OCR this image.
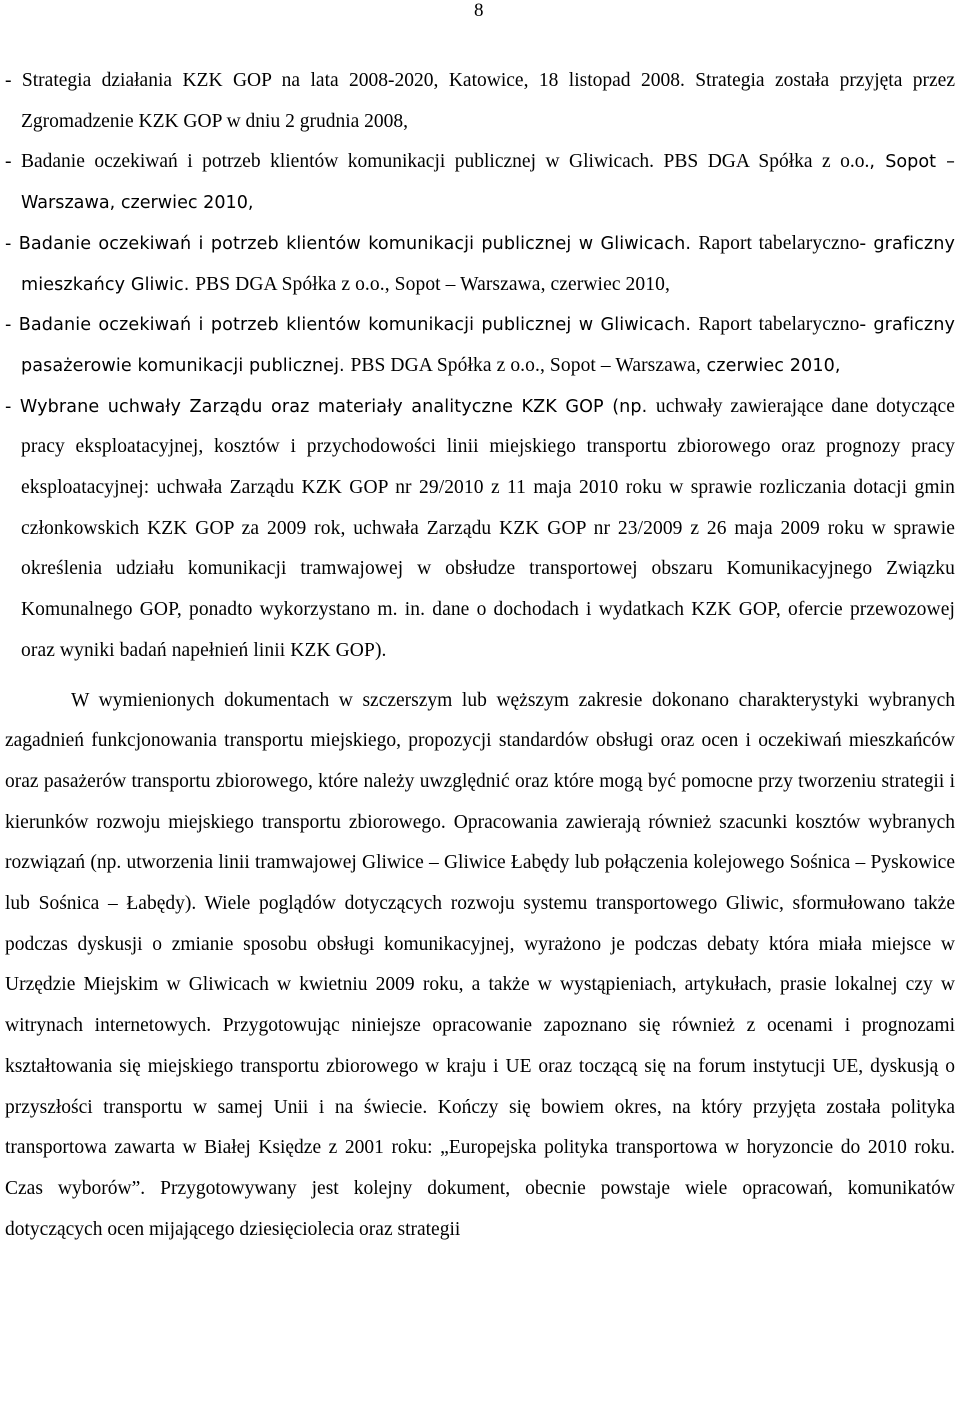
8

- Strategia działania KZK GOP na lata 2008-2020, Katowice, 18 listopad 2008. Strategia została przyjęta przez Zgromadzenie KZK GOP w dniu 2 grudnia 2008,

- Badanie oczekiwań i potrzeb klientów komunikacji publicznej w Gliwicach. PBS DGA Spółka z o.o., Sopot – Warszawa, czerwiec 2010,

- Badanie oczekiwań i potrzeb klientów komunikacji publicznej w Gliwicach. Raport tabelaryczno- graficzny mieszkańcy Gliwic. PBS DGA Spółka z o.o., Sopot – Warszawa, czerwiec 2010,

- Badanie oczekiwań i potrzeb klientów komunikacji publicznej w Gliwicach. Raport tabelaryczno- graficzny pasażerowie komunikacji publicznej. PBS DGA Spółka z o.o., Sopot – Warszawa, czerwiec 2010,

- Wybrane uchwały Zarządu oraz materiały analityczne KZK GOP (np. uchwały zawierające dane dotyczące pracy eksploatacyjnej, kosztów i przychodowości linii miejskiego transportu zbiorowego oraz prognozy pracy eksploatacyjnej: uchwała Zarządu KZK GOP nr 29/2010 z 11 maja 2010 roku w sprawie rozliczania dotacji gmin członkowskich KZK GOP za 2009 rok, uchwała Zarządu KZK GOP nr 23/2009 z 26 maja 2009 roku w sprawie określenia udziału komunikacji tramwajowej w obsłudze transportowej obszaru Komunikacyjnego Związku Komunalnego GOP, ponadto wykorzystano m. in. dane o dochodach i wydatkach KZK GOP, ofercie przewozowej oraz wyniki badań napełnień linii KZK GOP).

W wymienionych dokumentach w szczerszym lub węższym zakresie dokonano charakterystyki wybranych zagadnień funkcjonowania transportu miejskiego, propozycji standardów obsługi oraz ocen i oczekiwań mieszkańców oraz pasażerów transportu zbiorowego, które należy uwzględnić oraz które mogą być pomocne przy tworzeniu strategii i kierunków rozwoju miejskiego transportu zbiorowego. Opracowania zawierają również szacunki kosztów wybranych rozwiązań (np. utworzenia linii tramwajowej Gliwice – Gliwice Łabędy lub połączenia kolejowego Sośnica – Pyskowice lub Sośnica – Łabędy). Wiele poglądów dotyczących rozwoju systemu transportowego Gliwic, sformułowano także podczas dyskusji o zmianie sposobu obsługi komunikacyjnej, wyrażono je podczas debaty która miała miejsce w Urzędzie Miejskim w Gliwicach w kwietniu 2009 roku, a także w wystąpieniach, artykułach, prasie lokalnej czy w witrynach internetowych. Przygotowując niniejsze opracowanie zapoznano się również z ocenami i prognozami kształtowania się miejskiego transportu zbiorowego w kraju i UE oraz toczącą się na forum instytucji UE, dyskusją o przyszłości transportu w samej Unii i na świecie. Kończy się bowiem okres, na który przyjęta została polityka transportowa zawarta w Białej Księdze z 2001 roku: „Europejska polityka transportowa w horyzoncie do 2010 roku. Czas wyborów”. Przygotowywany jest kolejny dokument, obecnie powstaje wiele opracowań, komunikatów dotyczących ocen mijającego dziesięciolecia oraz strategii
